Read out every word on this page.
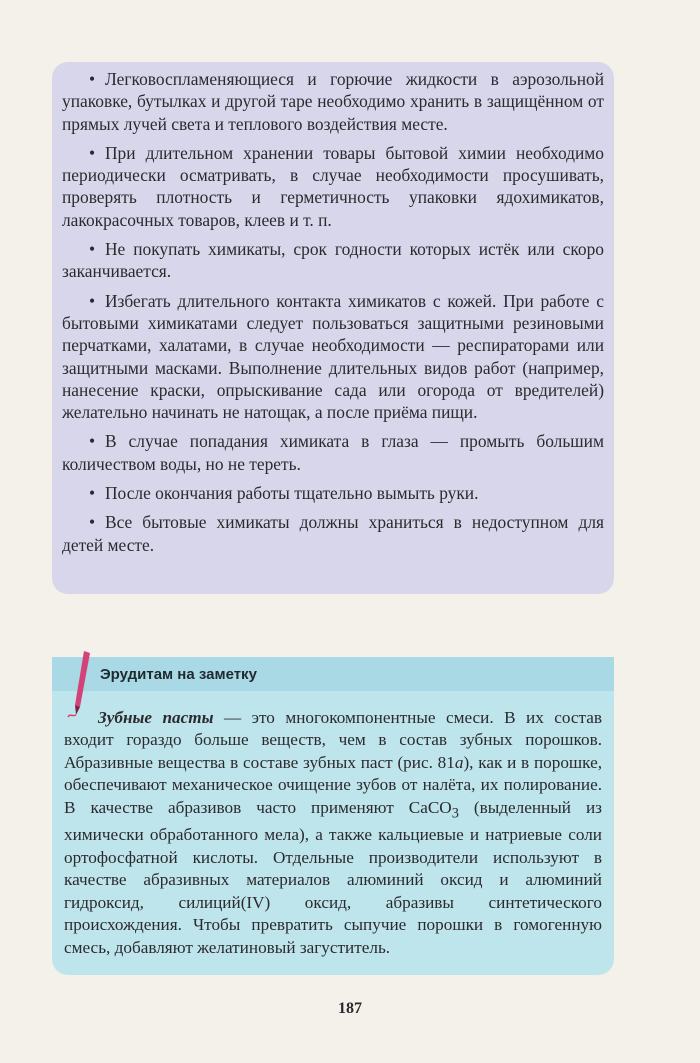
• Легковоспламеняющиеся и горючие жидкости в аэрозольной упаковке, бутылках и другой таре необходимо хранить в защищённом от прямых лучей света и теплового воздействия месте.

• При длительном хранении товары бытовой химии необходимо периодически осматривать, в случае необходимости просушивать, проверять плотность и герметичность упаковки ядохимикатов, лакокрасочных товаров, клеев и т. п.

• Не покупать химикаты, срок годности которых истёк или скоро заканчивается.

• Избегать длительного контакта химикатов с кожей. При работе с бытовыми химикатами следует пользоваться защитными резиновыми перчатками, халатами, в случае необходимости — респираторами или защитными масками. Выполнение длительных видов работ (например, нанесение краски, опрыскивание сада или огорода от вредителей) желательно начинать не натощак, а после приёма пищи.

• В случае попадания химиката в глаза — промыть большим количеством воды, но не тереть.

• После окончания работы тщательно вымыть руки.

• Все бытовые химикаты должны храниться в недоступном для детей месте.

Эрудитам на заметку
Зубные пасты — это многокомпонентные смеси. В их состав входит гораздо больше веществ, чем в состав зубных порошков. Абразивные вещества в составе зубных паст (рис. 81а), как и в порошке, обеспечивают механическое очищение зубов от налёта, их полирование. В качестве абразивов часто применяют CaCO$_3$ (выделенный из химически обработанного мела), а также кальциевые и натриевые соли ортофосфатной кислоты. Отдельные производители используют в качестве абразивных материалов алюминий оксид и алюминий гидроксид, силиций(IV) оксид, абразивы синтетического происхождения. Чтобы превратить сыпучие порошки в гомогенную смесь, добавляют желатиновый загуститель.
187
